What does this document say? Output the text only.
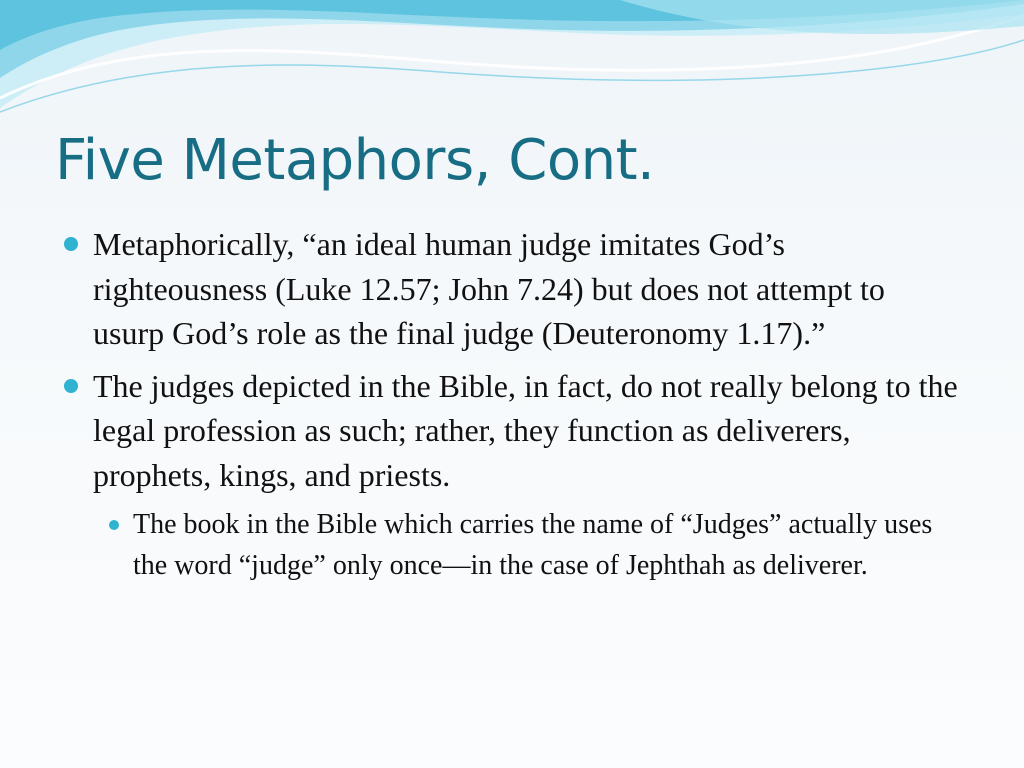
Five Metaphors, Cont.

Metaphorically, “an ideal human judge imitates God’s righteousness (Luke 12.57; John 7.24) but does not attempt to usurp God’s role as the final judge (Deuteronomy 1.17).”

The judges depicted in the Bible, in fact, do not really belong to the legal profession as such; rather, they function as deliverers, prophets, kings, and priests.

The book in the Bible which carries the name of “Judges” actually uses the word “judge” only once—in the case of Jephthah as deliverer.
